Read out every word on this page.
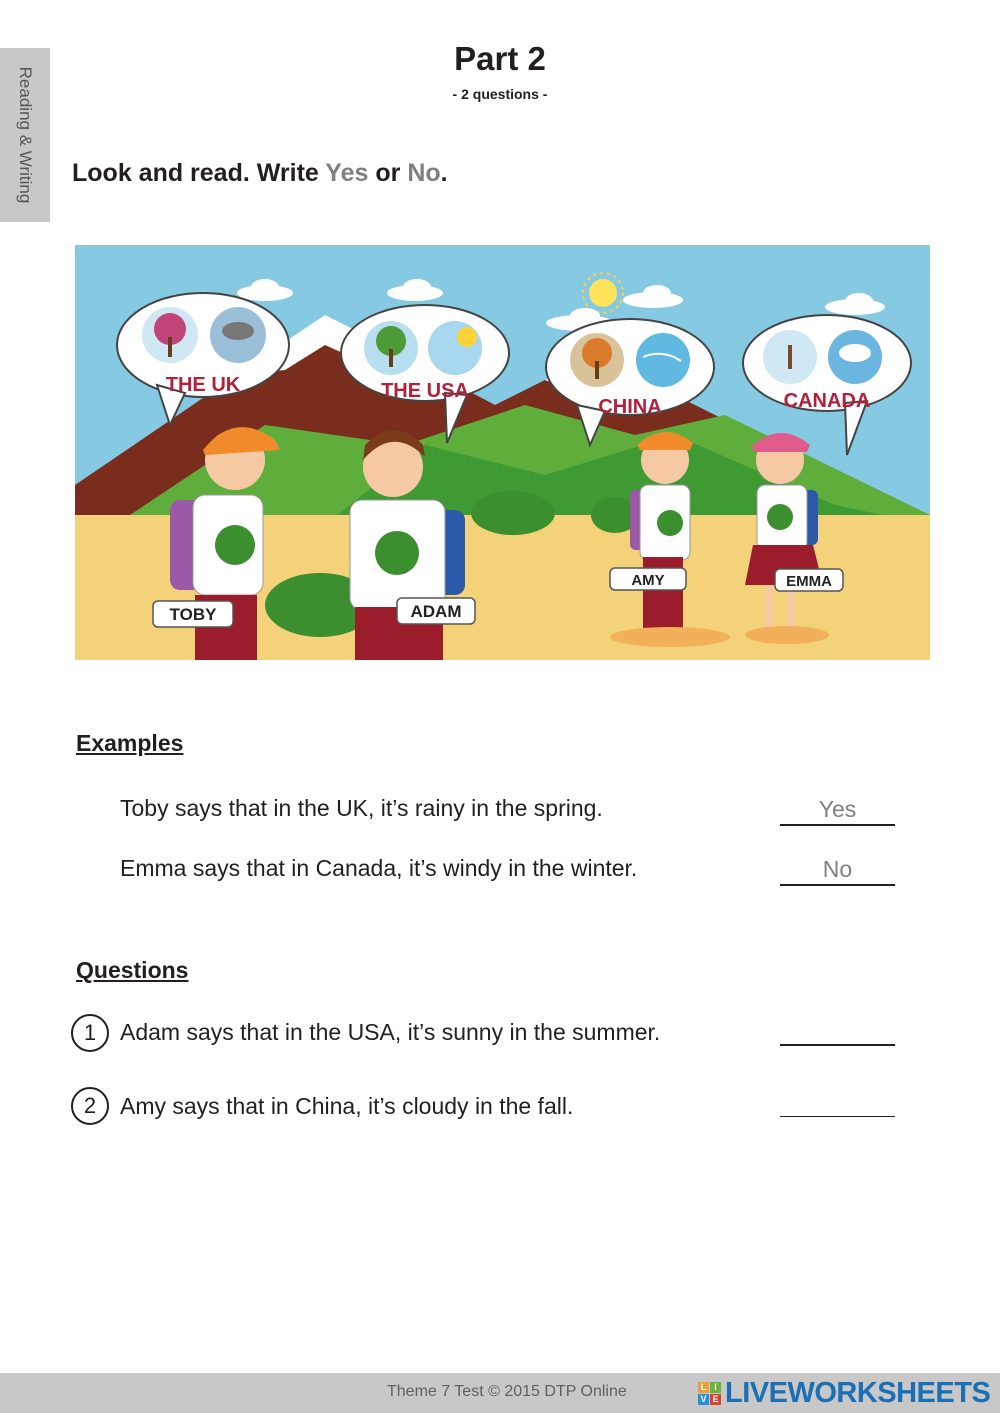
Reading & Writing
Part 2
- 2 questions -
Look and read. Write Yes or No.
THE UK	THE USA
CHINA	CANADA
TOBY	ADAM
AMY	EMMA
Examples
Toby says that in the UK, it’s rainy in the spring.	Yes
Emma says that in Canada, it’s windy in the winter.	No
Questions
1	Adam says that in the USA, it’s sunny in the summer.
2	Amy says that in China, it’s cloudy in the fall.
Theme 7 Test © 2015 DTP Online	L I
V E LIVEWORKSHEETS
